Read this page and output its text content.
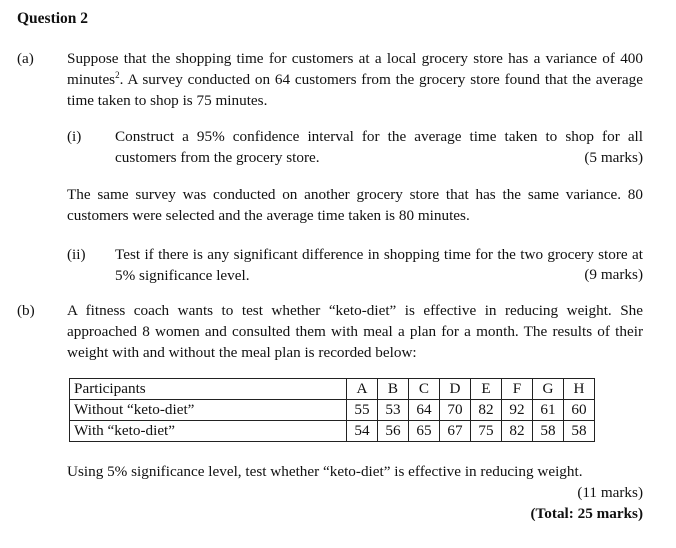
Question 2
(a) Suppose that the shopping time for customers at a local grocery store has a variance of 400 minutes$^2$. A survey conducted on 64 customers from the grocery store found that the average time taken to shop is 75 minutes.
(i) Construct a 95% confidence interval for the average time taken to shop for all customers from the grocery store.	(5 marks)
The same survey was conducted on another grocery store that has the same variance. 80 customers were selected and the average time taken is 80 minutes.
(ii) Test if there is any significant difference in shopping time for the two grocery store at 5% significance level.	(9 marks)
(b) A fitness coach wants to test whether “keto-diet” is effective in reducing weight. She approached 8 women and consulted them with meal a plan for a month. The results of their weight with and without the meal plan is recorded below:
Participants	A	B	C	D	E	F	G	H
Without “keto-diet”	55	53	64	70	82	92	61	60
With “keto-diet”	54	56	65	67	75	82	58	58
Using 5% significance level, test whether “keto-diet” is effective in reducing weight.
(11 marks)
(Total: 25 marks)
